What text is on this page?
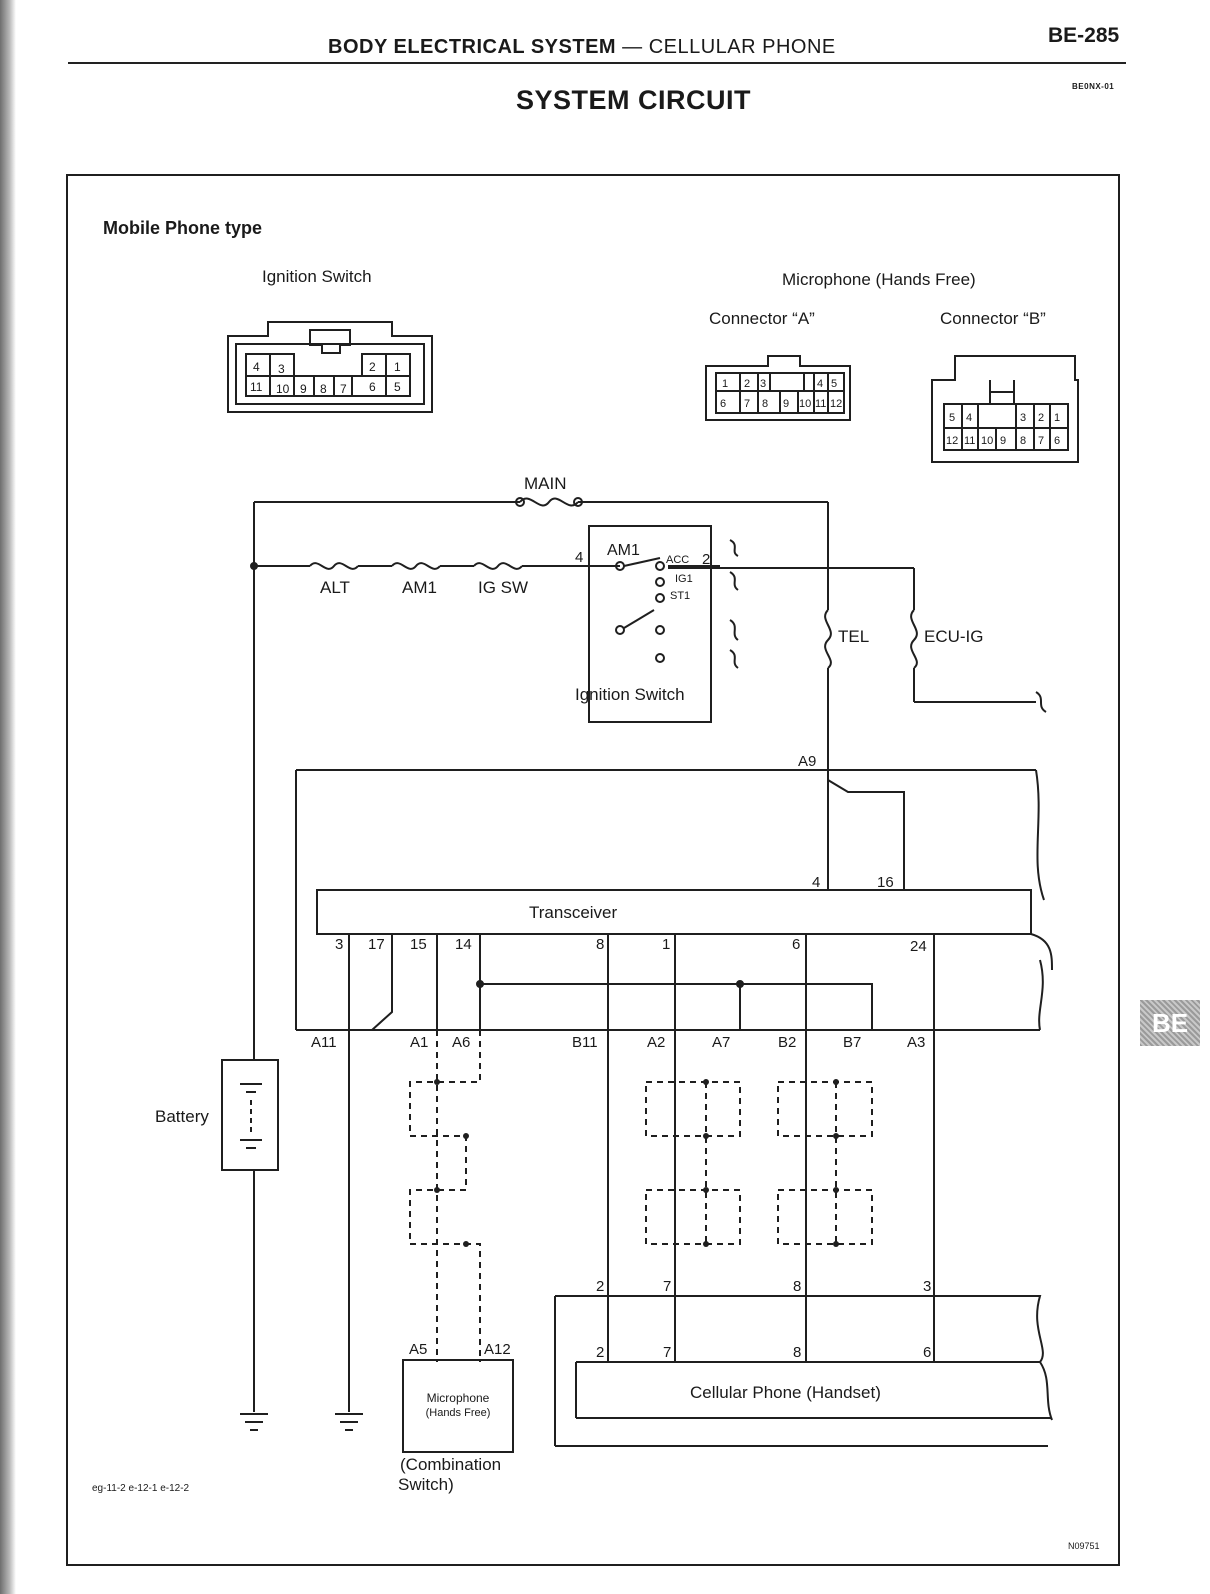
BODY ELECTRICAL SYSTEM — CELLULAR PHONE	BE-285
BE0NX‑01
SYSTEM CIRCUIT
BE
Mobile Phone type
Ignition Switch
4 3	2 1
11 10 9 8 7 6 5
Microphone (Hands Free)
Connector “A”	Connector “B”
1 2 3	4 5
6 7 8 9 10 11 12
5 4	3 2 1
12 11 10 9 8 7 6
MAIN
ALT	AM1 IG SW
TEL	ECU-IG
4 AM1
ACC 2
IG1
ST1
Ignition Switch
Battery
A9
4	16
Transceiver
3 17 15 14	8	1	6	24
A11	A1 A6	B11	A2	A7	B2	B7	A3
2	7	8	3
2	7	8	6
Cellular Phone (Handset)
A5	A12
Microphone
(Hands Free)
(Combination
Switch)
eg-11-2 e-12-1 e-12-2
N09751
